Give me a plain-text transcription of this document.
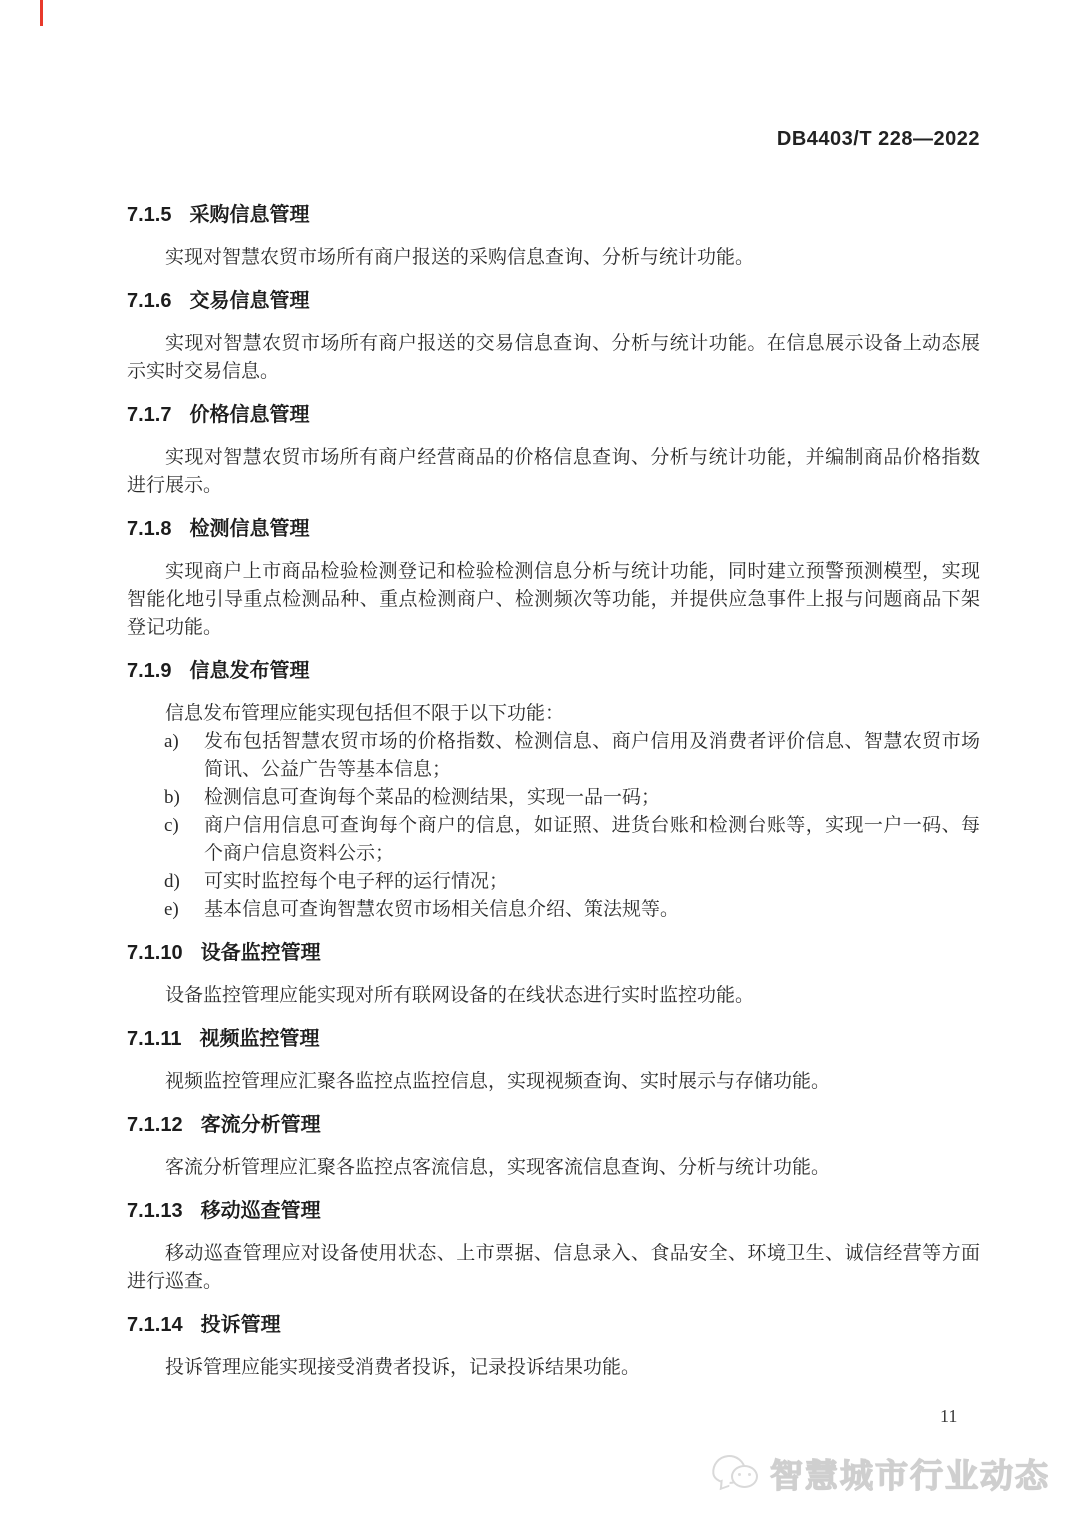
DB4403/T 228—2022
7.1.5 采购信息管理

实现对智慧农贸市场所有商户报送的采购信息查询、分析与统计功能。

7.1.6 交易信息管理

实现对智慧农贸市场所有商户报送的交易信息查询、分析与统计功能。在信息展示设备上动态展示实时交易信息。

7.1.7 价格信息管理

实现对智慧农贸市场所有商户经营商品的价格信息查询、分析与统计功能，并编制商品价格指数进行展示。

7.1.8 检测信息管理

实现商户上市商品检验检测登记和检验检测信息分析与统计功能，同时建立预警预测模型，实现智能化地引导重点检测品种、重点检测商户、检测频次等功能，并提供应急事件上报与问题商品下架登记功能。

7.1.9 信息发布管理

信息发布管理应能实现包括但不限于以下功能：

a)	发布包括智慧农贸市场的价格指数、检测信息、商户信用及消费者评价信息、智慧农贸市场简讯、公益广告等基本信息；
b)	检测信息可查询每个菜品的检测结果，实现一品一码；
c)	商户信用信息可查询每个商户的信息，如证照、进货台账和检测台账等，实现一户一码、每个商户信息资料公示；
d)	可实时监控每个电子秤的运行情况；
e)	基本信息可查询智慧农贸市场相关信息介绍、策法规等。
7.1.10 设备监控管理

设备监控管理应能实现对所有联网设备的在线状态进行实时监控功能。

7.1.11 视频监控管理

视频监控管理应汇聚各监控点监控信息，实现视频查询、实时展示与存储功能。

7.1.12 客流分析管理

客流分析管理应汇聚各监控点客流信息，实现客流信息查询、分析与统计功能。

7.1.13 移动巡查管理

移动巡查管理应对设备使用状态、上市票据、信息录入、食品安全、环境卫生、诚信经营等方面进行巡查。

7.1.14 投诉管理

投诉管理应能实现接受消费者投诉，记录投诉结果功能。

11
智慧城市行业动态
